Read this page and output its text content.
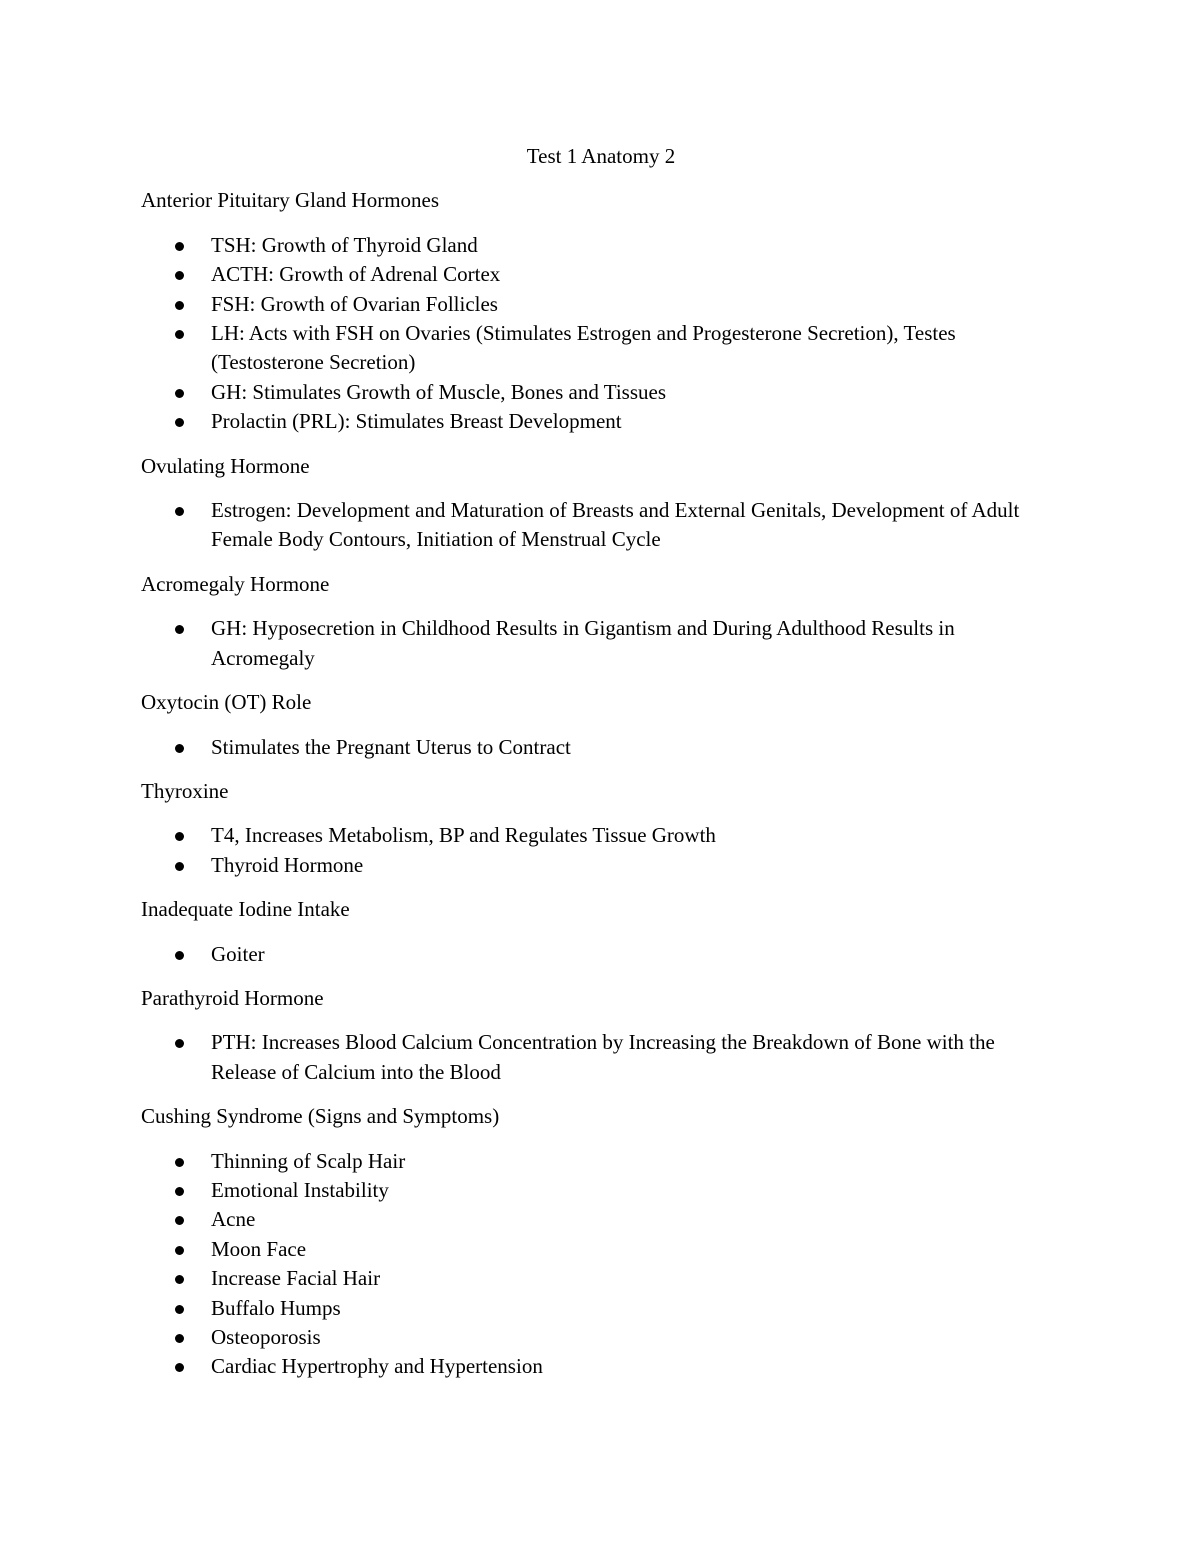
Test 1 Anatomy 2
Anterior Pituitary Gland Hormones
TSH: Growth of Thyroid Gland
ACTH: Growth of Adrenal Cortex
FSH: Growth of Ovarian Follicles
LH: Acts with FSH on Ovaries (Stimulates Estrogen and Progesterone Secretion), Testes (Testosterone Secretion)
GH: Stimulates Growth of Muscle, Bones and Tissues
Prolactin (PRL): Stimulates Breast Development
Ovulating Hormone
Estrogen: Development and Maturation of Breasts and External Genitals, Development of Adult Female Body Contours, Initiation of Menstrual Cycle
Acromegaly Hormone
GH: Hyposecretion in Childhood Results in Gigantism and During Adulthood Results in Acromegaly
Oxytocin (OT) Role
Stimulates the Pregnant Uterus to Contract
Thyroxine
T4, Increases Metabolism, BP and Regulates Tissue Growth
Thyroid Hormone
Inadequate Iodine Intake
Goiter
Parathyroid Hormone
PTH: Increases Blood Calcium Concentration by Increasing the Breakdown of Bone with the Release of Calcium into the Blood
Cushing Syndrome (Signs and Symptoms)
Thinning of Scalp Hair
Emotional Instability
Acne
Moon Face
Increase Facial Hair
Buffalo Humps
Osteoporosis
Cardiac Hypertrophy and Hypertension
